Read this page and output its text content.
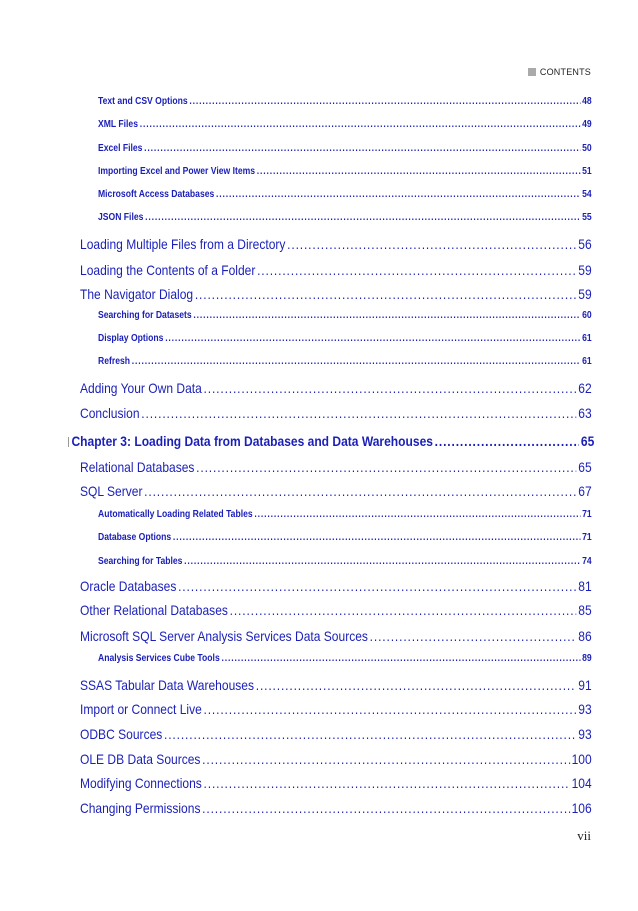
CONTENTS
Text and CSV Options .....	48
XML Files .....	49
Excel Files .....	50
Importing Excel and Power View Items .....	51
Microsoft Access Databases .....	54
JSON Files .....	55
Loading Multiple Files from a Directory .....	56
Loading the Contents of a Folder .....	59
The Navigator Dialog .....	59
Searching for Datasets .....	60
Display Options .....	61
Refresh .....	61
Adding Your Own Data .....	62
Conclusion .....	63
Chapter 3: Loading Data from Databases and Data Warehouses .....	65
Relational Databases .....	65
SQL Server .....	67
Automatically Loading Related Tables .....	71
Database Options .....	71
Searching for Tables .....	74
Oracle Databases .....	81
Other Relational Databases .....	85
Microsoft SQL Server Analysis Services Data Sources .....	86
Analysis Services Cube Tools .....	89
SSAS Tabular Data Warehouses .....	91
Import or Connect Live .....	93
ODBC Sources .....	93
OLE DB Data Sources .....	100
Modifying Connections .....	104
Changing Permissions .....	106
vii
